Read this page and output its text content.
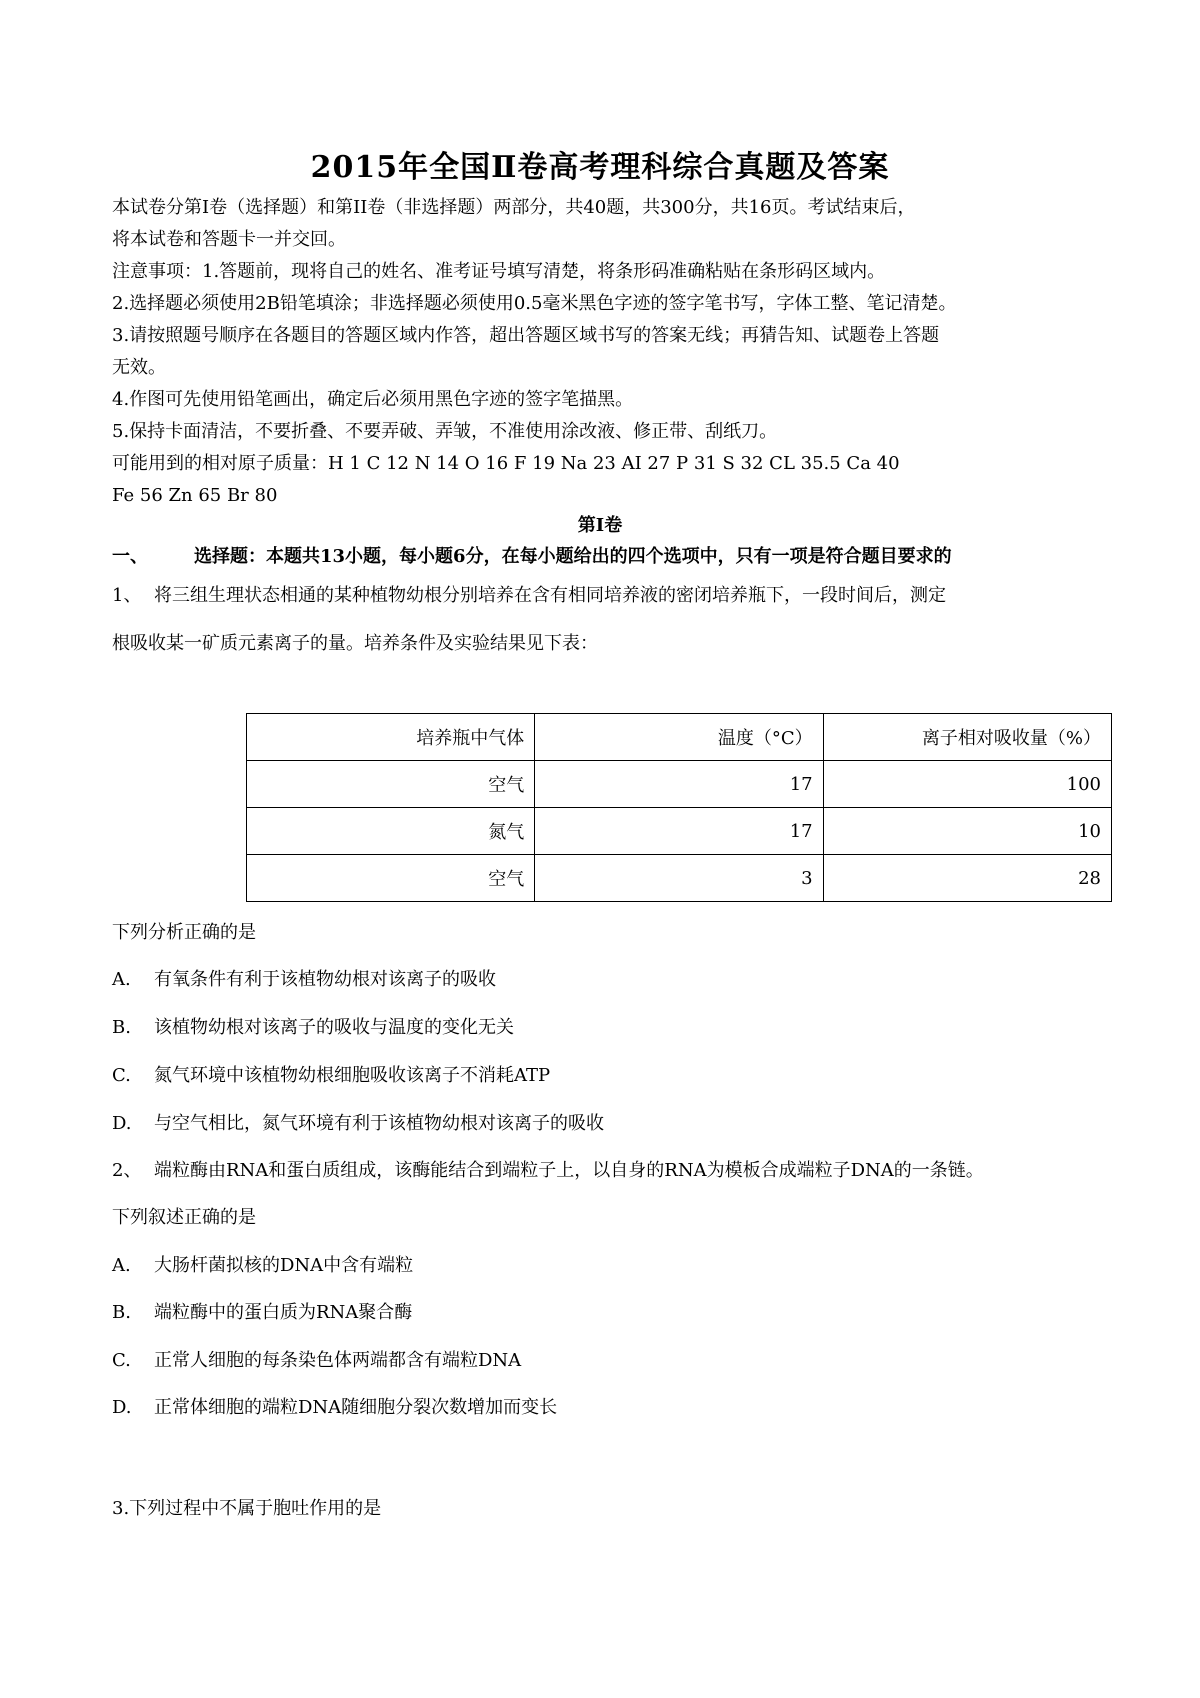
2015年全国Ⅱ卷高考理科综合真题及答案
本试卷分第Ⅰ卷（选择题）和第II卷（非选择题）两部分，共40题，共300分，共16页。考试结束后，
将本试卷和答题卡一并交回。
注意事项：1.答题前，现将自己的姓名、准考证号填写清楚，将条形码准确粘贴在条形码区域内。
2.选择题必须使用2B铅笔填涂；非选择题必须使用0.5毫米黑色字迹的签字笔书写，字体工整、笔记清楚。
3.请按照题号顺序在各题目的答题区域内作答，超出答题区域书写的答案无线；再猜告知、试题卷上答题
无效。
4.作图可先使用铅笔画出，确定后必须用黑色字迹的签字笔描黑。
5.保持卡面清洁，不要折叠、不要弄破、弄皱，不准使用涂改液、修正带、刮纸刀。
可能用到的相对原子质量：H 1 C 12 N 14 O 16 F 19 Na 23 AI 27 P 31 S 32 CL 35.5 Ca 40
Fe 56 Zn 65 Br 80
第Ⅰ卷
一、	选择题：本题共13小题，每小题6分，在每小题给出的四个选项中，只有一项是符合题目要求的
1、 将三组生理状态相通的某种植物幼根分别培养在含有相同培养液的密闭培养瓶下，一段时间后，测定
根吸收某一矿质元素离子的量。培养条件及实验结果见下表：
培养瓶中气体	温度（°C）	离子相对吸收量（%）
空气	17	100
氮气	17	10
空气	3	28
下列分析正确的是
A. 有氧条件有利于该植物幼根对该离子的吸收
B. 该植物幼根对该离子的吸收与温度的变化无关
C. 氮气环境中该植物幼根细胞吸收该离子不消耗ATP
D. 与空气相比，氮气环境有利于该植物幼根对该离子的吸收
2、 端粒酶由RNA和蛋白质组成，该酶能结合到端粒子上，以自身的RNA为模板合成端粒子DNA的一条链。
下列叙述正确的是
A. 大肠杆菌拟核的DNA中含有端粒
B. 端粒酶中的蛋白质为RNA聚合酶
C. 正常人细胞的每条染色体两端都含有端粒DNA
D. 正常体细胞的端粒DNA随细胞分裂次数增加而变长
3.下列过程中不属于胞吐作用的是
